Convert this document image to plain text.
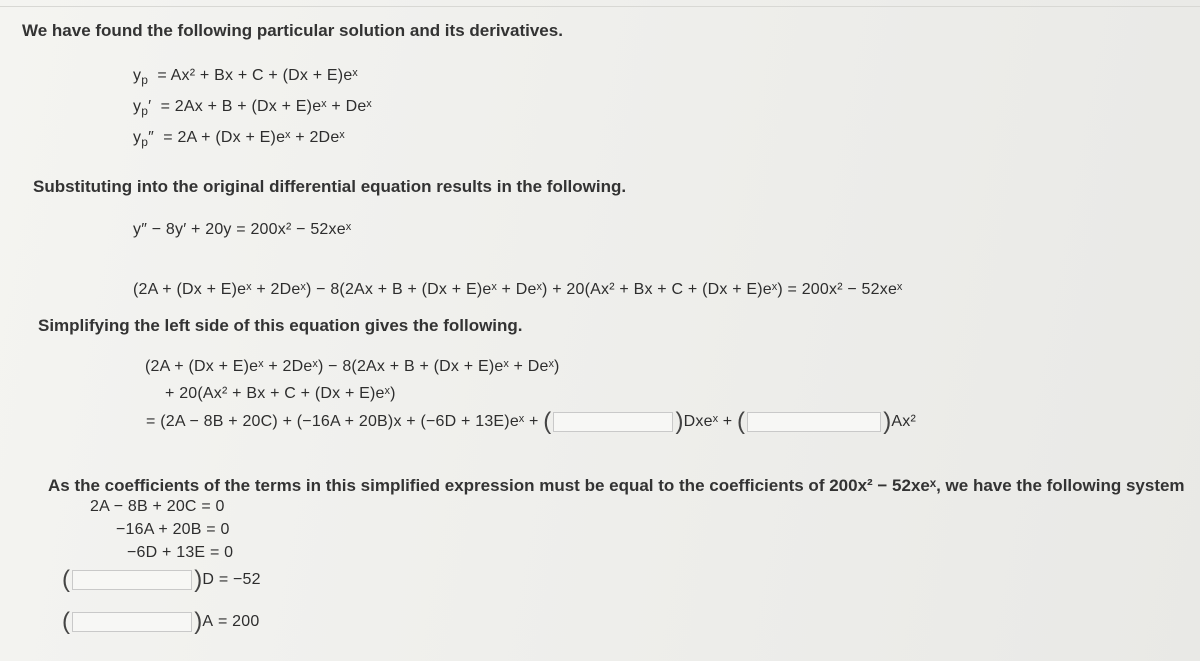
We have found the following particular solution and its derivatives.
$y_p = Ax^2 + Bx + C + (Dx$ + E)eˣ
$y_p' = 2Ax + B + (Dx$ + E)eˣ + Deˣ
$y_p'' = 2A + (Dx$ + E)eˣ + 2Deˣ
Substituting into the original differential equation results in the following.
y″ − 8y′ + 20y = 200x² − 52xeˣ
(2A + (Dx + E)eˣ + 2Deˣ) − 8(2Ax + B + (Dx + E)eˣ + Deˣ) + 20(Ax² + Bx + C + (Dx + E)eˣ) = 200x² − 52xeˣ
Simplifying the left side of this equation gives the following.
(2A + (Dx + E)eˣ + 2Deˣ) − 8(2Ax + B + (Dx + E)eˣ + Deˣ)
+ 20(Ax² + Bx + C + (Dx + E)eˣ)
= (2A − 8B + 20C) + (−16A + 20B)x + (−6D + 13E)eˣ + (	)Dxeˣ + (	)Ax²
As the coefficients of the terms in this simplified expression must be equal to the coefficients of 200x² − 52xeˣ, we have the following system
2A − 8B + 20C = 0
−16A + 20B = 0
−6D + 13E = 0
(	)D = −52
(	)A = 200
